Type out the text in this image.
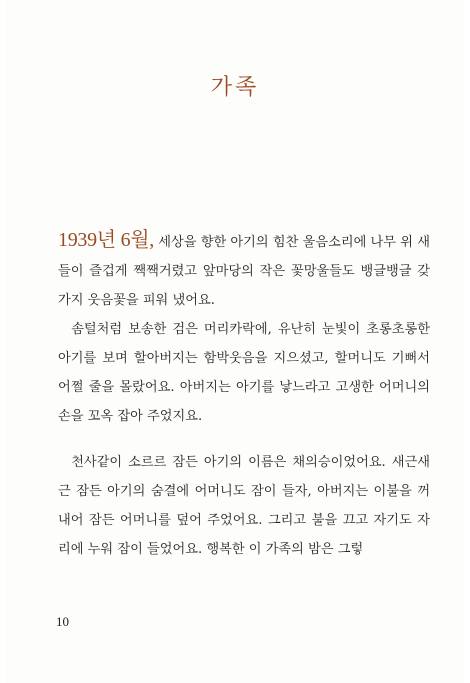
가족

1939년 6월, 세상을 향한 아기의 힘찬 울음소리에 나무 위 새들이 즐겁게 짹짹거렸고 앞마당의 작은 꽃망울들도 뱅글뱅글 갖가지 웃음꽃을 피워 냈어요.

솜털처럼 보송한 검은 머리카락에, 유난히 눈빛이 초롱초롱한 아기를 보며 할아버지는 함박웃음을 지으셨고, 할머니도 기뻐서 어쩔 줄을 몰랐어요. 아버지는 아기를 낳느라고 고생한 어머니의 손을 꼬옥 잡아 주었지요.

천사같이 소르르 잠든 아기의 이름은 채의승이었어요. 새근새근 잠든 아기의 숨결에 어머니도 잠이 들자, 아버지는 이불을 꺼내어 잠든 어머니를 덮어 주었어요. 그리고 불을 끄고 자기도 자리에 누워 잠이 들었어요. 행복한 이 가족의 밤은 그렇

10
